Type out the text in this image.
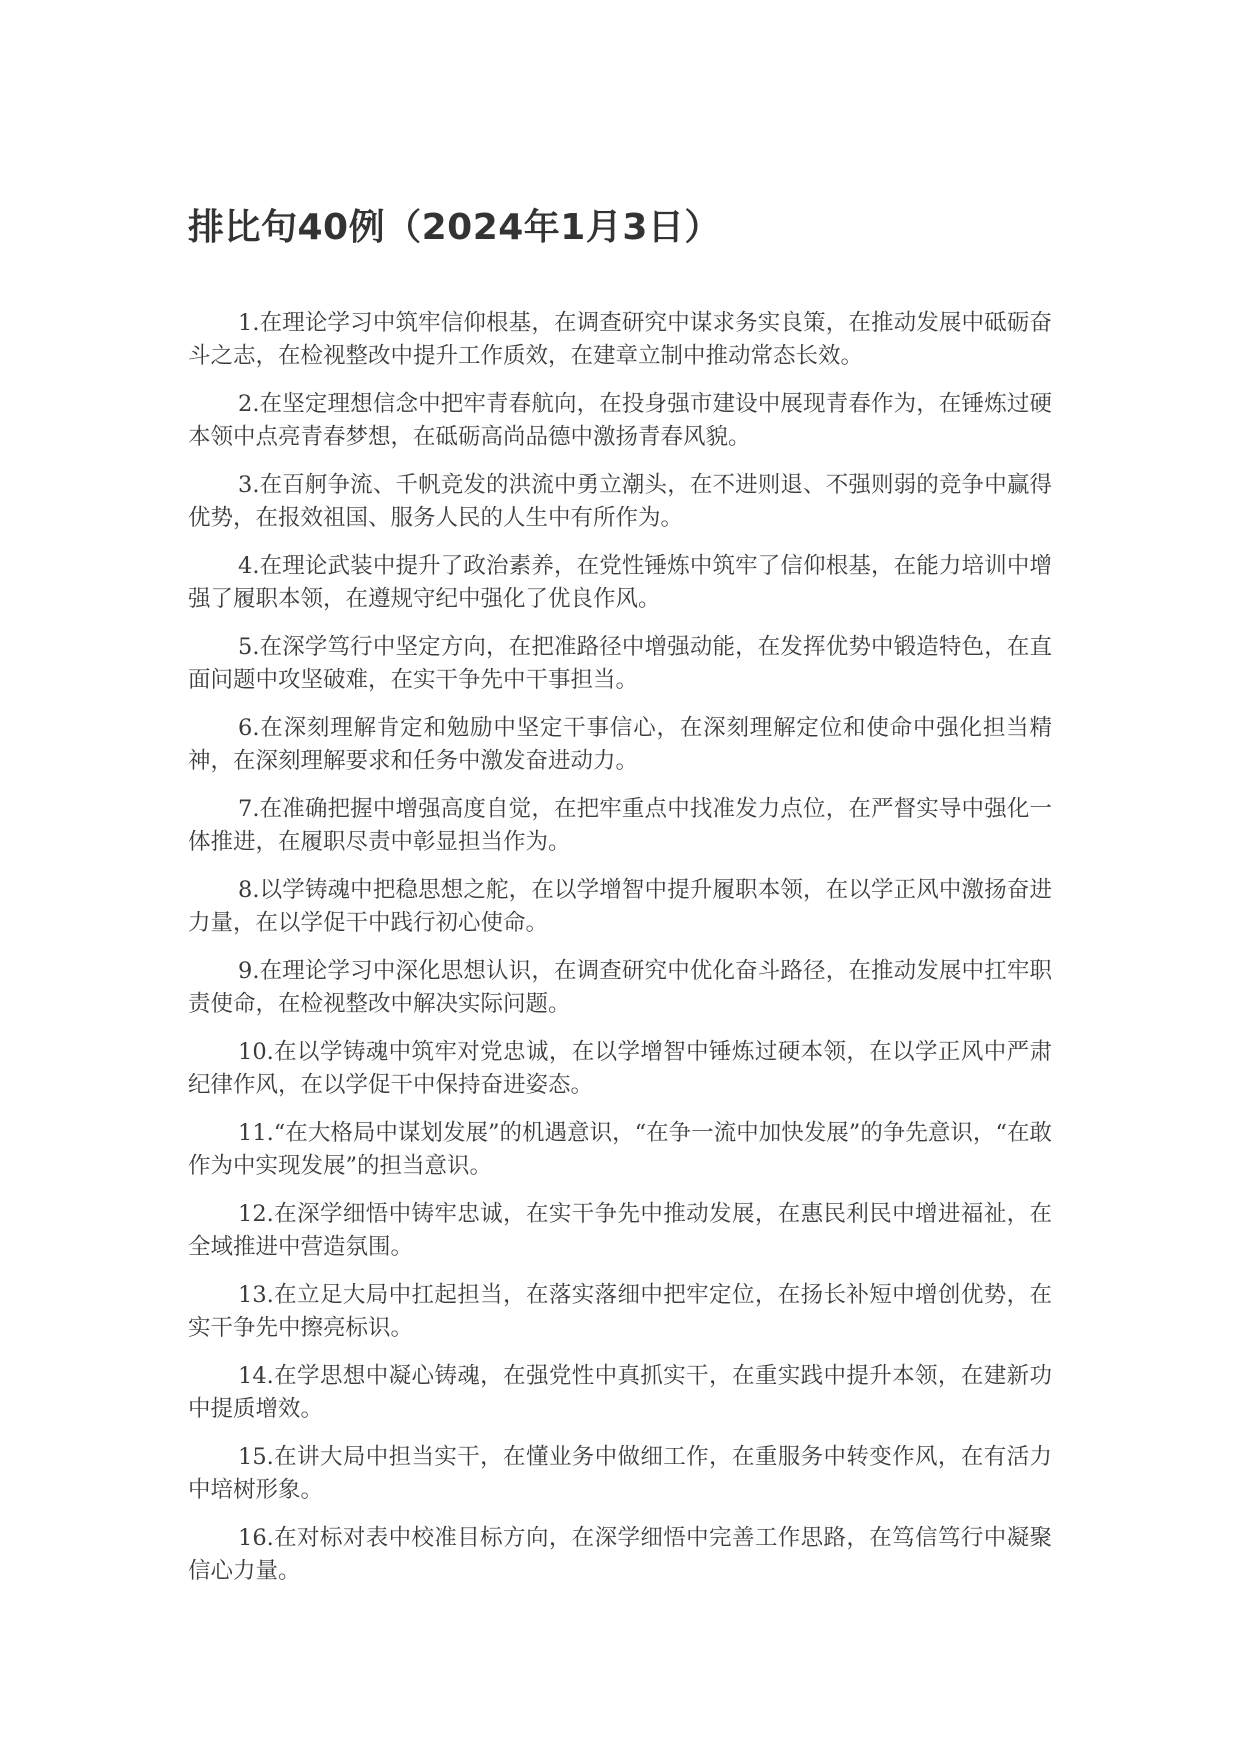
排比句40例（2024年1月3日）

1.在理论学习中筑牢信仰根基，在调查研究中谋求务实良策，在推动发展中砥砺奋斗之志，在检视整改中提升工作质效，在建章立制中推动常态长效。

2.在坚定理想信念中把牢青春航向，在投身强市建设中展现青春作为，在锤炼过硬本领中点亮青春梦想，在砥砺高尚品德中激扬青春风貌。

3.在百舸争流、千帆竞发的洪流中勇立潮头，在不进则退、不强则弱的竞争中赢得优势，在报效祖国、服务人民的人生中有所作为。

4.在理论武装中提升了政治素养，在党性锤炼中筑牢了信仰根基，在能力培训中增强了履职本领，在遵规守纪中强化了优良作风。

5.在深学笃行中坚定方向，在把准路径中增强动能，在发挥优势中锻造特色，在直面问题中攻坚破难，在实干争先中干事担当。

6.在深刻理解肯定和勉励中坚定干事信心，在深刻理解定位和使命中强化担当精神，在深刻理解要求和任务中激发奋进动力。

7.在准确把握中增强高度自觉，在把牢重点中找准发力点位，在严督实导中强化一体推进，在履职尽责中彰显担当作为。

8.以学铸魂中把稳思想之舵，在以学增智中提升履职本领，在以学正风中激扬奋进力量，在以学促干中践行初心使命。

9.在理论学习中深化思想认识，在调查研究中优化奋斗路径，在推动发展中扛牢职责使命，在检视整改中解决实际问题。

10.在以学铸魂中筑牢对党忠诚，在以学增智中锤炼过硬本领，在以学正风中严肃纪律作风，在以学促干中保持奋进姿态。

11.“在大格局中谋划发展”的机遇意识，“在争一流中加快发展”的争先意识，“在敢作为中实现发展”的担当意识。

12.在深学细悟中铸牢忠诚，在实干争先中推动发展，在惠民利民中增进福祉，在全域推进中营造氛围。

13.在立足大局中扛起担当，在落实落细中把牢定位，在扬长补短中增创优势，在实干争先中擦亮标识。

14.在学思想中凝心铸魂，在强党性中真抓实干，在重实践中提升本领，在建新功中提质增效。

15.在讲大局中担当实干，在懂业务中做细工作，在重服务中转变作风，在有活力中培树形象。

16.在对标对表中校准目标方向，在深学细悟中完善工作思路，在笃信笃行中凝聚信心力量。
